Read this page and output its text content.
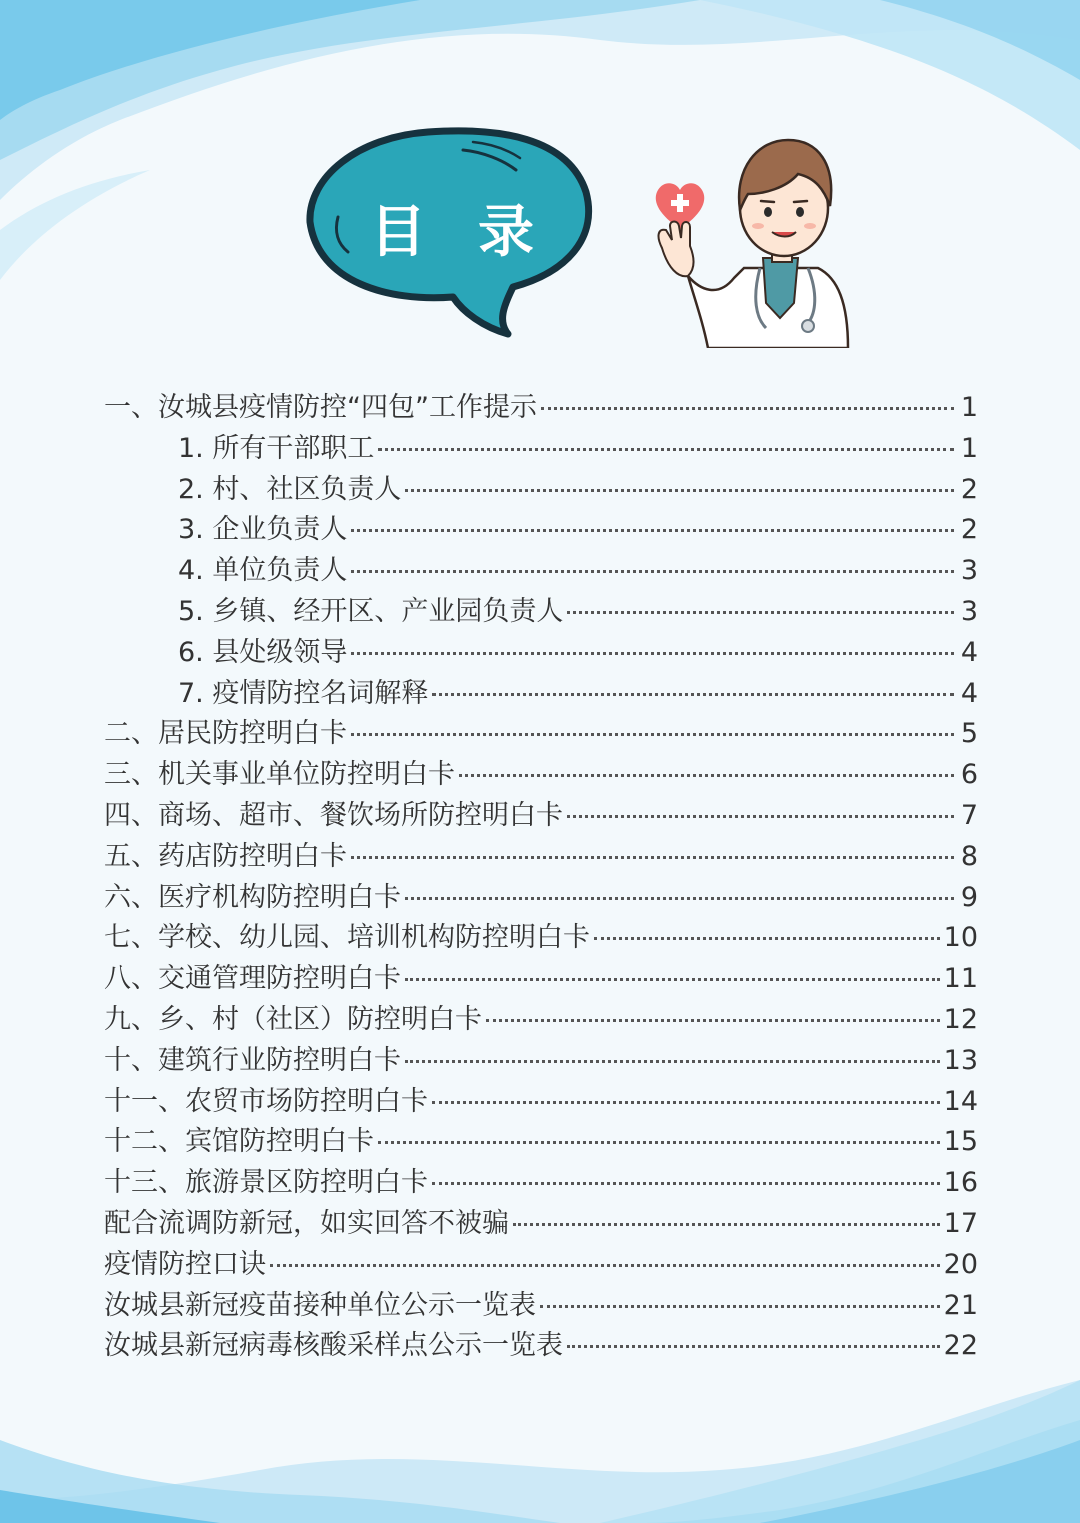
目 录
一、汝城县疫情防控“四包”工作提示	1
1. 所有干部职工	1
2. 村、社区负责人	2
3. 企业负责人	2
4. 单位负责人	3
5. 乡镇、经开区、产业园负责人	3
6. 县处级领导	4
7. 疫情防控名词解释	4
二、居民防控明白卡	5
三、机关事业单位防控明白卡	6
四、商场、超市、餐饮场所防控明白卡	7
五、药店防控明白卡	8
六、医疗机构防控明白卡	9
七、学校、幼儿园、培训机构防控明白卡	10
八、交通管理防控明白卡	11
九、乡、村（社区）防控明白卡	12
十、建筑行业防控明白卡	13
十一、农贸市场防控明白卡	14
十二、宾馆防控明白卡	15
十三、旅游景区防控明白卡	16
配合流调防新冠，如实回答不被骗	17
疫情防控口诀	20
汝城县新冠疫苗接种单位公示一览表	21
汝城县新冠病毒核酸采样点公示一览表	22
